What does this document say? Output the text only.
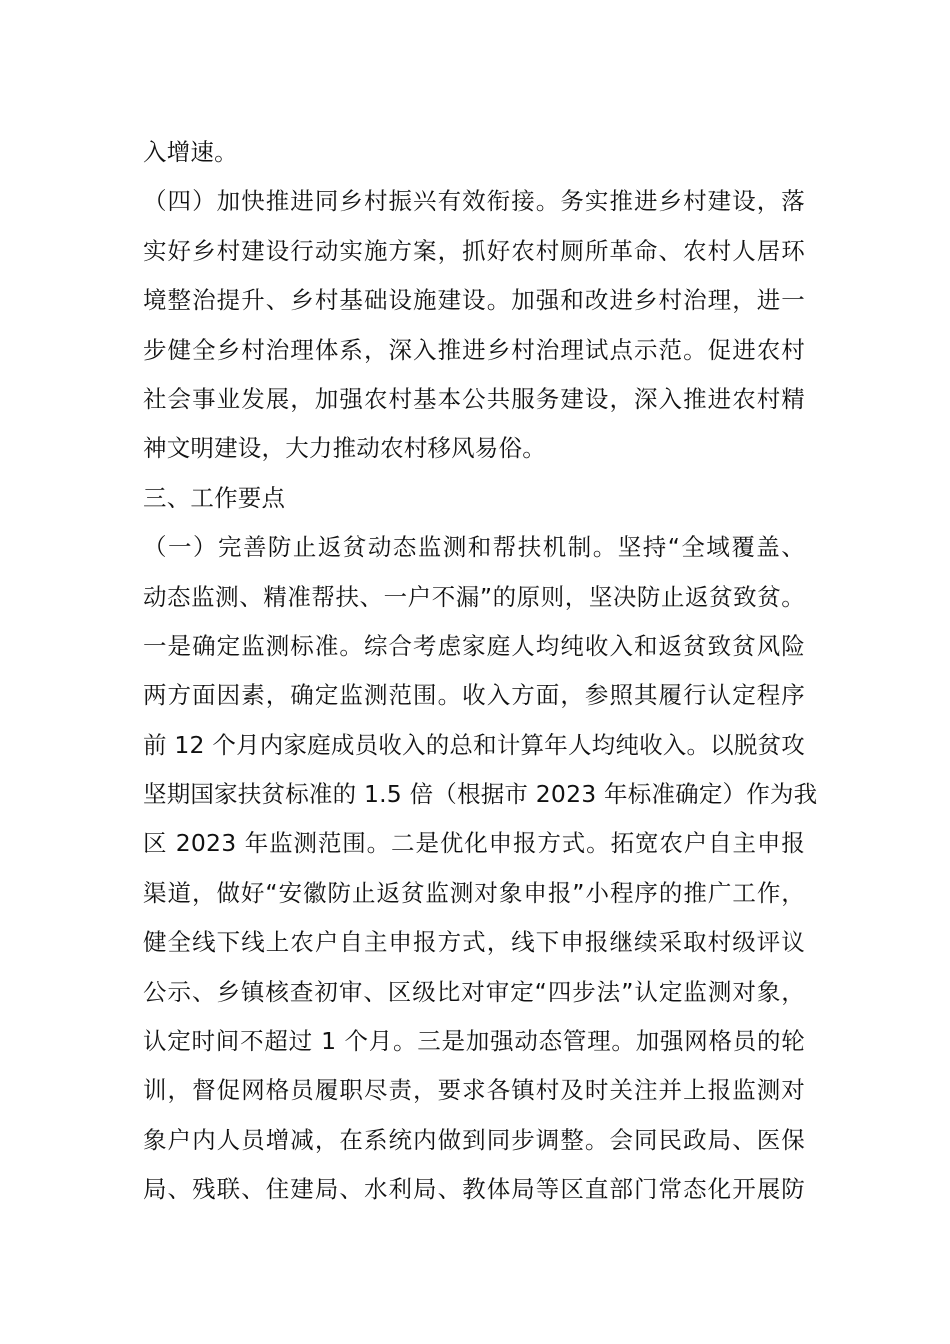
入增速。
（四）加快推进同乡村振兴有效衔接。务实推进乡村建设，落
实好乡村建设行动实施方案，抓好农村厕所革命、农村人居环
境整治提升、乡村基础设施建设。加强和改进乡村治理，进一
步健全乡村治理体系，深入推进乡村治理试点示范。促进农村
社会事业发展，加强农村基本公共服务建设，深入推进农村精
神文明建设，大力推动农村移风易俗。
三、工作要点
（一）完善防止返贫动态监测和帮扶机制。坚持“全域覆盖、
动态监测、精准帮扶、一户不漏”的原则，坚决防止返贫致贫。
一是确定监测标准。综合考虑家庭人均纯收入和返贫致贫风险
两方面因素，确定监测范围。收入方面，参照其履行认定程序
前 12 个月内家庭成员收入的总和计算年人均纯收入。以脱贫攻
坚期国家扶贫标准的 1.5 倍（根据市 2023 年标准确定）作为我
区 2023 年监测范围。二是优化申报方式。拓宽农户自主申报
渠道，做好“安徽防止返贫监测对象申报”小程序的推广工作，
健全线下线上农户自主申报方式，线下申报继续采取村级评议
公示、乡镇核查初审、区级比对审定“四步法”认定监测对象，
认定时间不超过 1 个月。三是加强动态管理。加强网格员的轮
训，督促网格员履职尽责，要求各镇村及时关注并上报监测对
象户内人员增减，在系统内做到同步调整。会同民政局、医保
局、残联、住建局、水利局、教体局等区直部门常态化开展防
